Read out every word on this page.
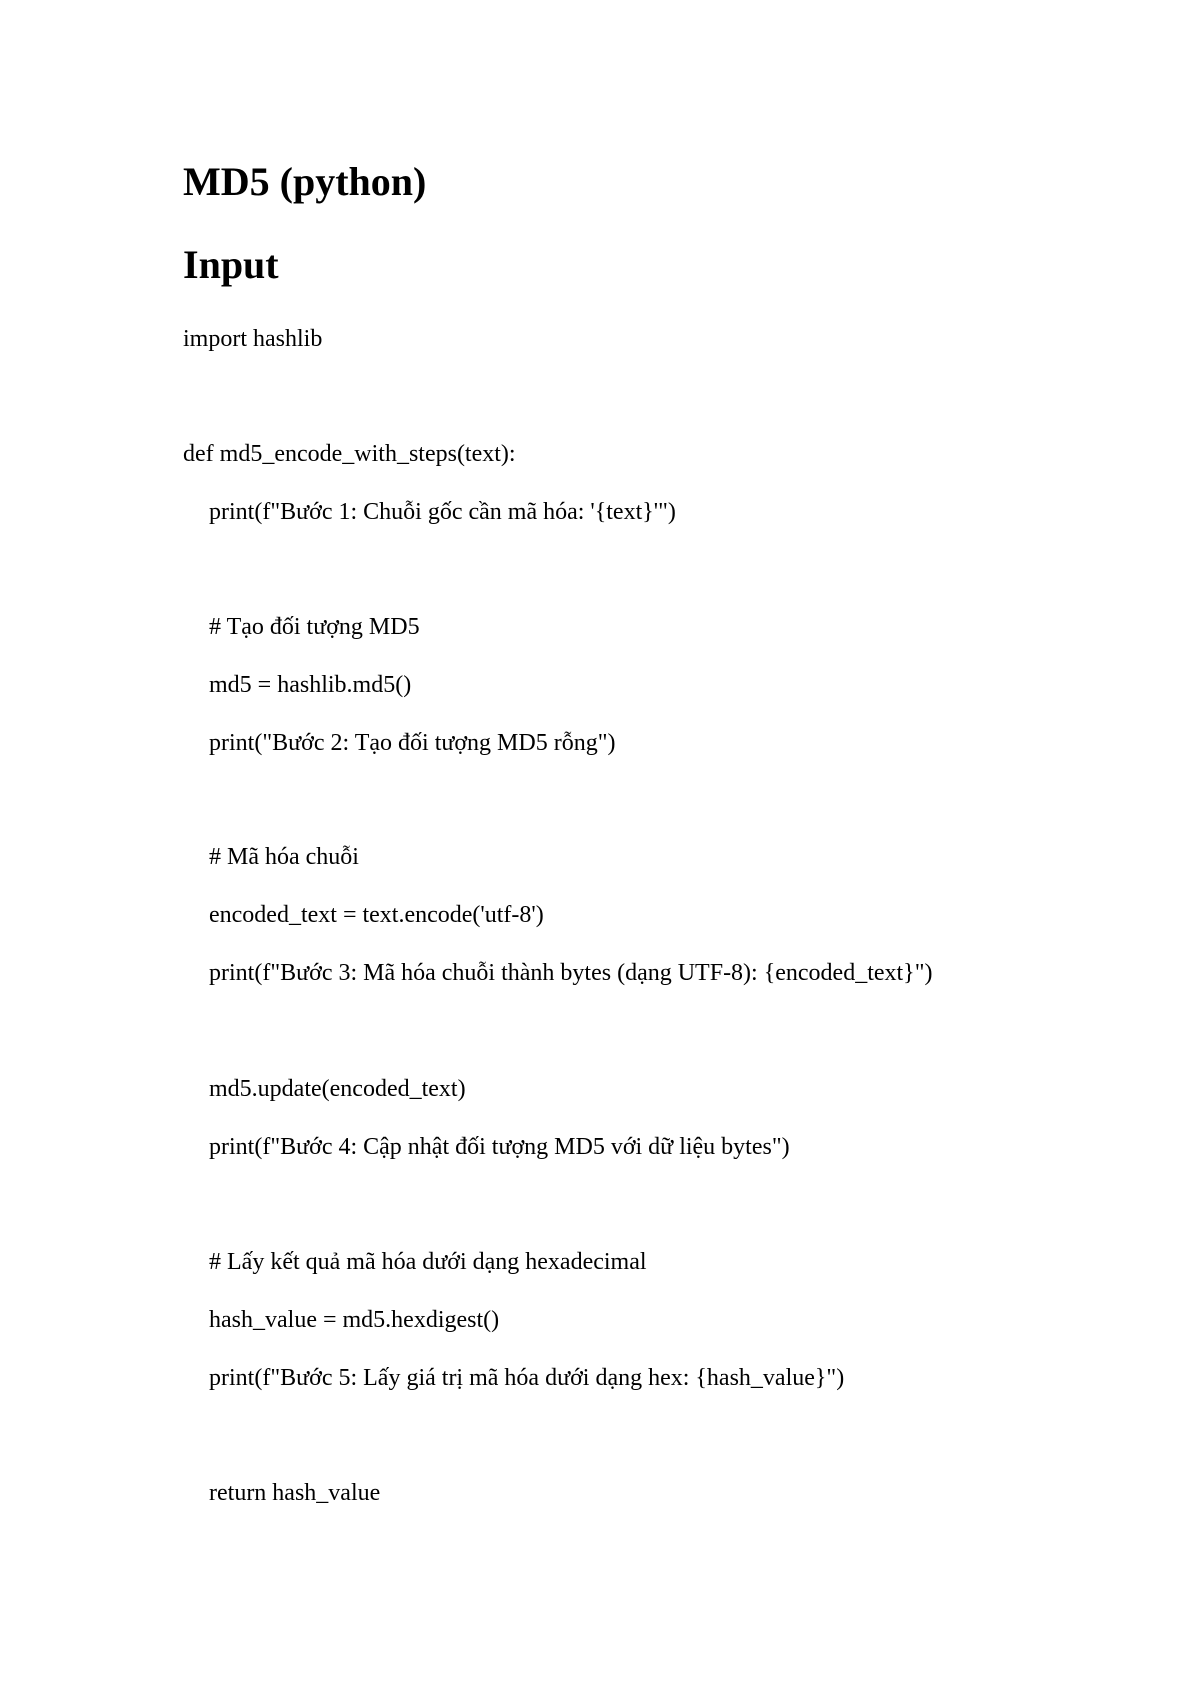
MD5 (python)
Input

import hashlib

def md5_encode_with_steps(text):

print(f"Bước 1: Chuỗi gốc cần mã hóa: '{text}'")

# Tạo đối tượng MD5

md5 = hashlib.md5()

print("Bước 2: Tạo đối tượng MD5 rỗng")

# Mã hóa chuỗi

encoded_text = text.encode('utf-8')

print(f"Bước 3: Mã hóa chuỗi thành bytes (dạng UTF-8): {encoded_text}")

md5.update(encoded_text)

print(f"Bước 4: Cập nhật đối tượng MD5 với dữ liệu bytes")

# Lấy kết quả mã hóa dưới dạng hexadecimal

hash_value = md5.hexdigest()

print(f"Bước 5: Lấy giá trị mã hóa dưới dạng hex: {hash_value}")

return hash_value
